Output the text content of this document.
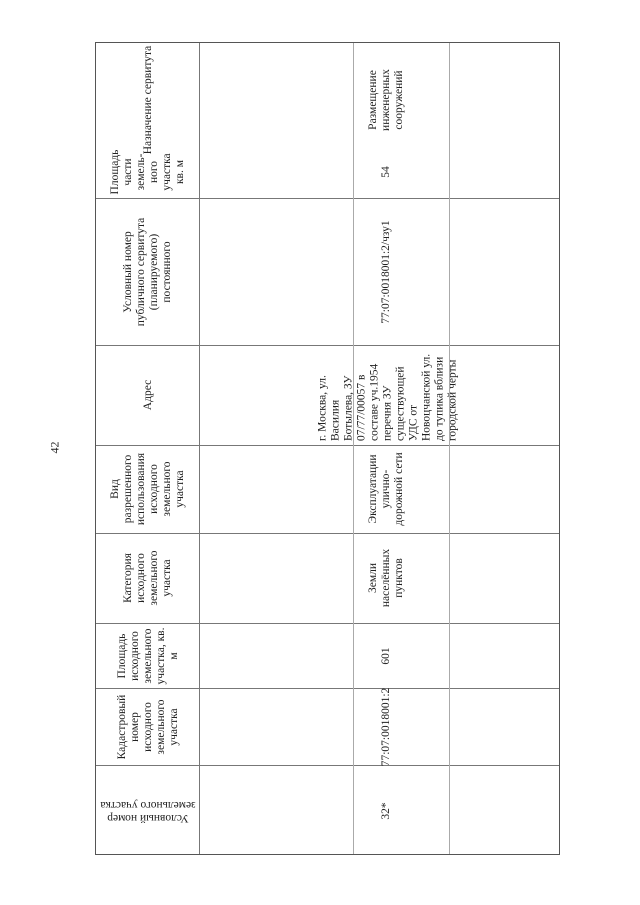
42
Назначение сервитута
Площадь части земель-ного участка кв. м
Условный номер публичного сервитута (планируемого) постоянного
Адрес
Вид разрешенного использования исходного земельного участка
Категория исходного земельного участка
Площадь исходного земельного участка, кв. м
Кадастровый номер исходного земельного участка
Условный номер земельного участка
Размещение инженерных сооружений
54
77:07:0018001:2/чзу1
г. Москва, ул. Василия Ботылева, ЗУ 07/77/00057 в составе уч.1954 перечня ЗУ существующей УДС от Новоцчанской ул. до тупика вблизи городской черты
Эксплуатации улично-дорожной сети
Земли населённых пунктов
601
77:07:0018001:2
32*
